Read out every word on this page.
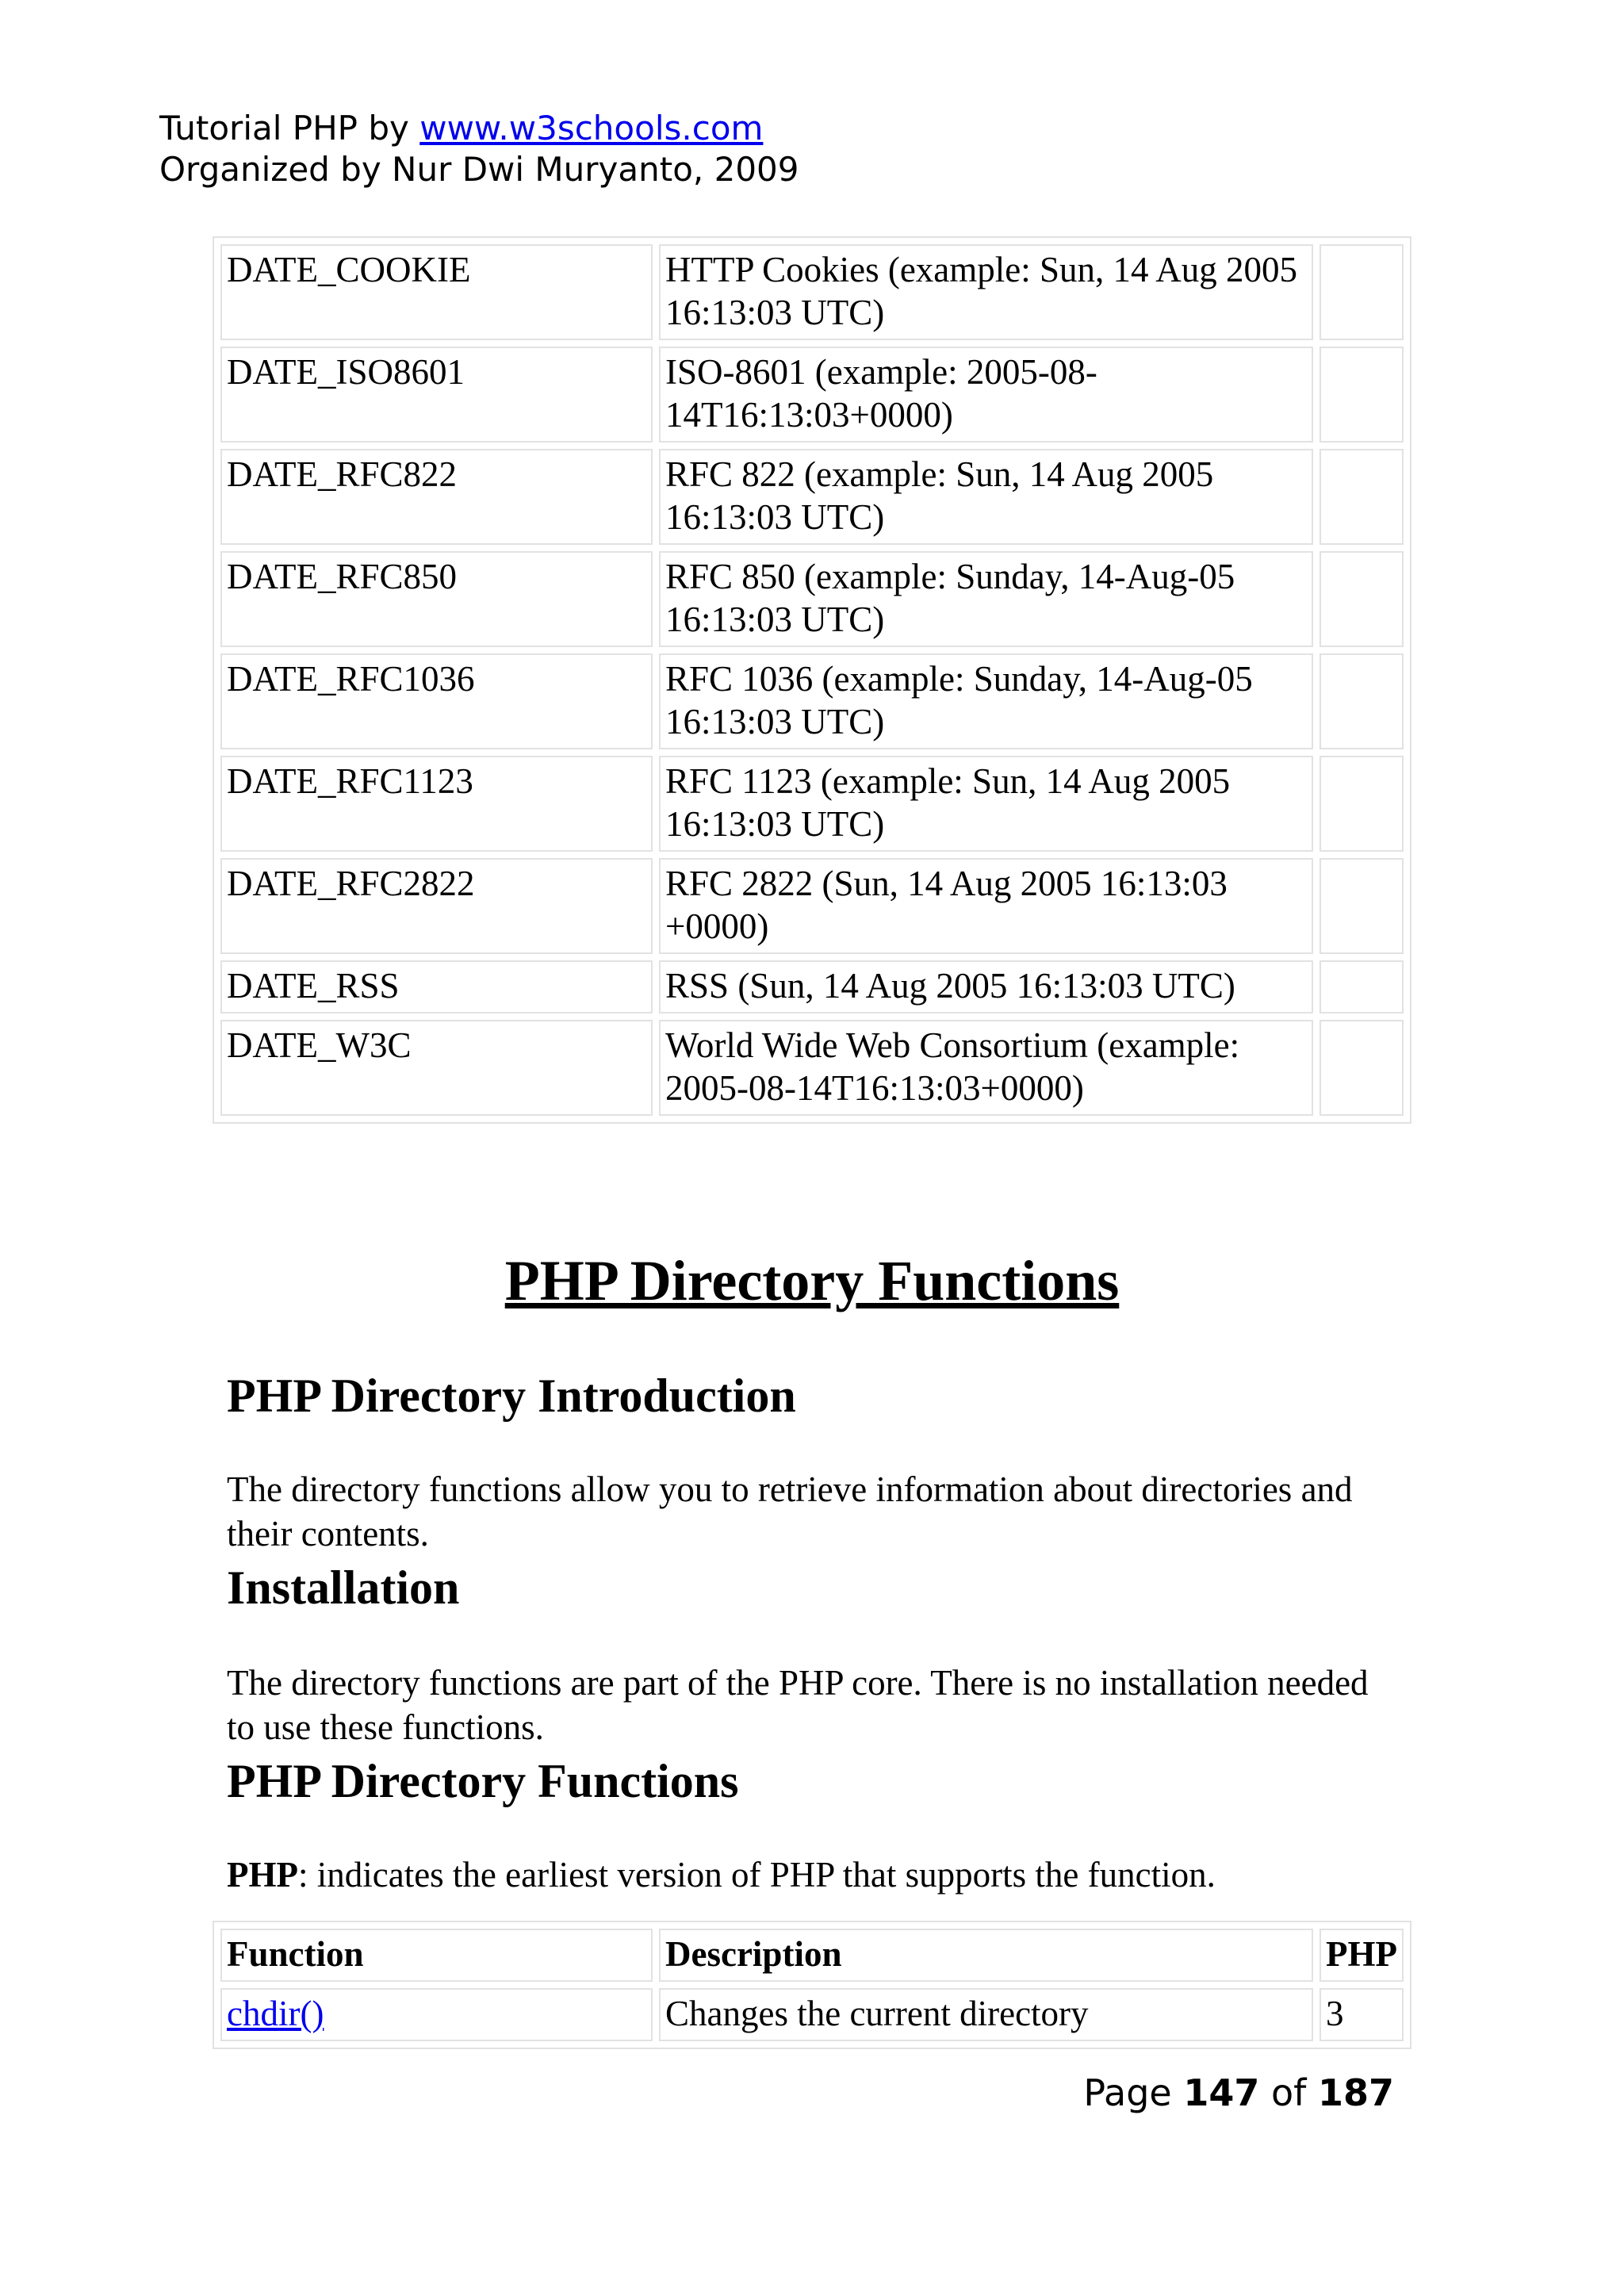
Tutorial PHP by www.w3schools.com
Organized by Nur Dwi Muryanto, 2009
DATE_COOKIE	HTTP Cookies (example: Sun, 14 Aug 2005 16:13:03 UTC)	
DATE_ISO8601	ISO-8601 (example: 2005-08-14T16:13:03+0000)	
DATE_RFC822	RFC 822 (example: Sun, 14 Aug 2005 16:13:03 UTC)	
DATE_RFC850	RFC 850 (example: Sunday, 14-Aug-05 16:13:03 UTC)	
DATE_RFC1036	RFC 1036 (example: Sunday, 14-Aug-05 16:13:03 UTC)	
DATE_RFC1123	RFC 1123 (example: Sun, 14 Aug 2005 16:13:03 UTC)	
DATE_RFC2822	RFC 2822 (Sun, 14 Aug 2005 16:13:03 +0000)	
DATE_RSS	RSS (Sun, 14 Aug 2005 16:13:03 UTC)	
DATE_W3C	World Wide Web Consortium (example: 2005-08-14T16:13:03+0000)	
PHP Directory Functions
PHP Directory Introduction

The directory functions allow you to retrieve information about directories and their contents.

Installation

The directory functions are part of the PHP core. There is no installation needed to use these functions.

PHP Directory Functions

PHP: indicates the earliest version of PHP that supports the function.

Function	Description	PHP
chdir()	Changes the current directory	3
Page 147 of 187
